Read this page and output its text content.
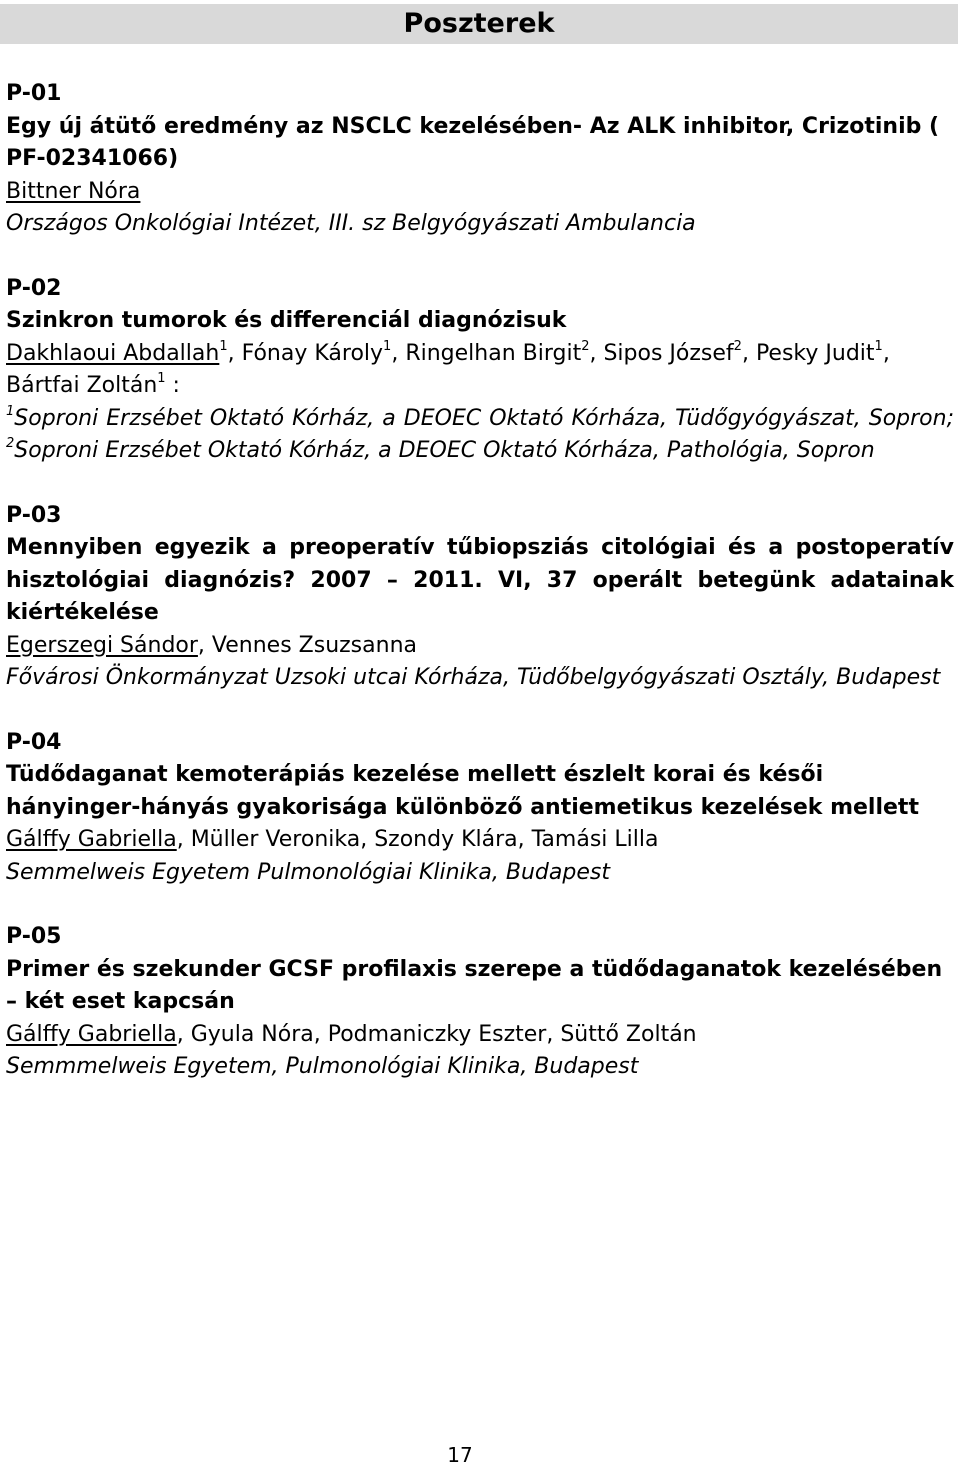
Poszterek
P-01
Egy új átütő eredmény az NSCLC kezelésében- Az ALK inhibitor, Crizotinib ( PF-02341066)
Bittner Nóra
Országos Onkológiai Intézet, III. sz Belgyógyászati Ambulancia
P-02
Szinkron tumorok és differenciál diagnózisuk
Dakhlaoui Abdallah$^1$, Fónay Károly$^1$, Ringelhan Birgit$^2$, Sipos József$^2$, Pesky Judit$^1$, Bártfai Zoltán$^1$ :
$^1$Soproni Erzsébet Oktató Kórház, a DEOEC Oktató Kórháza, Tüdőgyógyászat, Sopron; $^2$Soproni Erzsébet Oktató Kórház, a DEOEC Oktató Kórháza, Pathológia, Sopron
P-03
Mennyiben egyezik a preoperatív tűbiopsziás citológiai és a postoperatív hisztológiai diagnózis? 2007 – 2011. VI, 37 operált betegünk adatainak kiértékelése
Egerszegi Sándor, Vennes Zsuzsanna
Fővárosi Önkormányzat Uzsoki utcai Kórháza, Tüdőbelgyógyászati Osztály, Budapest
P-04
Tüdődaganat kemoterápiás kezelése mellett észlelt korai és késői hányinger-hányás gyakorisága különböző antiemetikus kezelések mellett
Gálffy Gabriella, Müller Veronika, Szondy Klára, Tamási Lilla
Semmelweis Egyetem Pulmonológiai Klinika, Budapest
P-05
Primer és szekunder GCSF profilaxis szerepe a tüdődaganatok kezelésében – két eset kapcsán
Gálffy Gabriella, Gyula Nóra, Podmaniczky Eszter, Süttő Zoltán
Semmmelweis Egyetem, Pulmonológiai Klinika, Budapest
17
